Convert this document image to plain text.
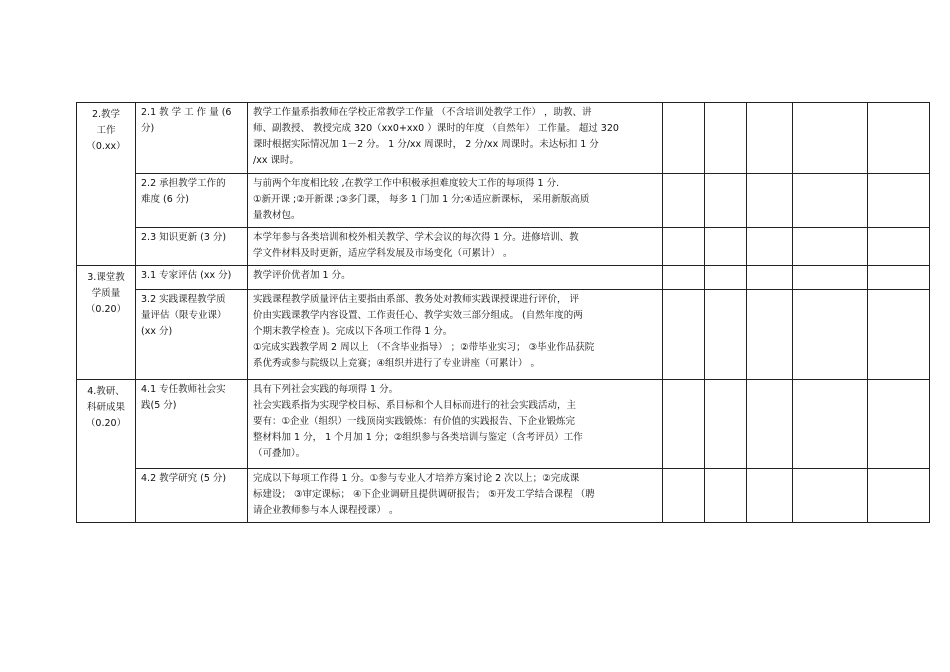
2.教学
工作
（0.xx）	2.1 教 学 工 作 量 (6
分)	教学工作量系指教师在学校正常教学工作量 （不含培训处教学工作） ，助教、讲
师、副教授、 教授完成 320（xx0+xx0 ）课时的年度 （自然年） 工作量。 超过 320
课时根据实际情况加 1－2 分。 1 分/xx 周课时， 2 分/xx 周课时。未达标扣 1 分
/xx 课时。					

	2.2 承担教学工作的
难度 (6 分)	与前两个年度相比较 ,在教学工作中积极承担难度较大工作的每项得 1 分.
①新开课 ;②开新课 ;③多门课， 每多 1 门加 1 分;④适应新课标， 采用新版高质
量教材包。					

	2.3 知识更新 (3 分)	本学年参与各类培训和校外相关教学、学术会议的每次得 1 分。进修培训、教
学文件材料及时更新，适应学科发展及市场变化（可累计） 。					

3.课堂教
学质量
（0.20）	3.1 专家评估 (xx 分)	教学评价优者加 1 分。					

	3.2 实践课程教学质
量评估（限专业课）
(xx 分)	实践课程教学质量评估主要指由系部、教务处对教师实践课授课进行评价， 评
价由实践课教学内容设置、工作责任心、教学实效三部分组成。 (自然年度的两
个期末教学检查 )。完成以下各项工作得 1 分。
①完成实践教学周 2 周以上 （不含毕业指导） ；②带毕业实习； ③毕业作品获院
系优秀或参与院级以上竞赛；④组织并进行了专业讲座（可累计） 。					

4.教研、
科研成果
（0.20）	4.1 专任教师社会实
践(5 分)	具有下列社会实践的每项得 1 分。
社会实践系指为实现学校目标、系目标和个人目标而进行的社会实践活动，主
要有：①企业（组织）一线顶岗实践锻炼：有价值的实践报告、下企业锻炼完
整材料加 1 分， 1 个月加 1 分；②组织参与各类培训与鉴定（含考评员）工作
（可叠加）。					

	4.2 教学研究 (5 分)	完成以下每项工作得 1 分。①参与专业人才培养方案讨论 2 次以上；②完成课
标建设； ③审定课标； ④下企业调研且提供调研报告； ⑤开发工学结合课程 （聘
请企业教师参与本人课程授课） 。					
